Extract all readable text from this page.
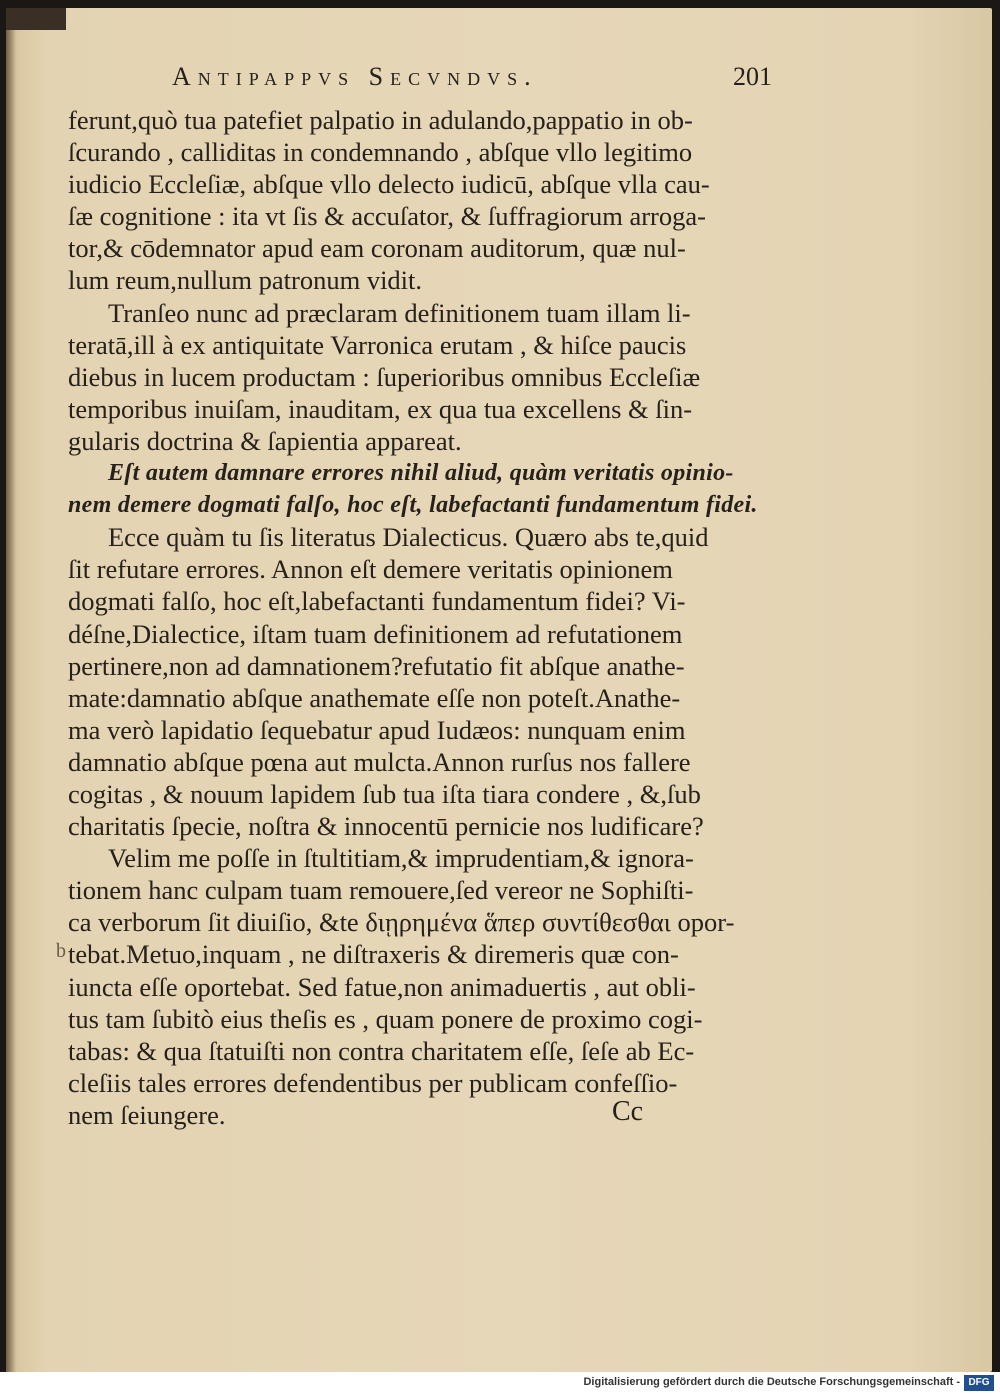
Antipappvs Secvndvs.	201
ferunt,quò tua patefiet palpatio in adulando,pappatio in ob-
ſcurando , calliditas in condemnando , abſque vllo legitimo
iudicio Eccleſiæ, abſque vllo delecto iudicū, abſque vlla cau-
ſæ cognitione : ita vt ſis & accuſator, & ſuffragiorum arroga-
tor,& cōdemnator apud eam coronam auditorum, quæ nul-
lum reum,nullum patronum vidit.
Tranſeo nunc ad præclaram definitionem tuam illam li-
teratā,ill à ex antiquitate Varronica erutam , & hiſce paucis
diebus in lucem productam : ſuperioribus omnibus Eccleſiæ
temporibus inuiſam, inauditam, ex qua tua excellens & ſin-
gularis doctrina & ſapientia appareat.
Eſt autem damnare errores nihil aliud, quàm veritatis opinio-
nem demere dogmati falſo, hoc eſt, labefactanti fundamentum fidei.
Ecce quàm tu ſis literatus Dialecticus. Quæro abs te,quid
ſit refutare errores. Annon eſt demere veritatis opinionem
dogmati falſo, hoc eſt,labefactanti fundamentum fidei? Vi-
déſne,Dialectice, iſtam tuam definitionem ad refutationem
pertinere,non ad damnationem?refutatio fit abſque anathe-
mate:damnatio abſque anathemate eſſe non poteſt.Anathe-
ma verò lapidatio ſequebatur apud Iudæos: nunquam enim
damnatio abſque pœna aut mulcta.Annon rurſus nos fallere
cogitas , & nouum lapidem ſub tua iſta tiara condere , &,ſub
charitatis ſpecie, noſtra & innocentū pernicie nos ludificare?
Velim me poſſe in ſtultitiam,& imprudentiam,& ignora-
tionem hanc culpam tuam remouere,ſed vereor ne Sophiſti-
ca verborum ſit diuiſio, &te διῃρημένα ἅπερ συντίθεσθαι opor-
tebat.Metuo,inquam , ne diſtraxeris & diremeris quæ con-
iuncta eſſe oportebat. Sed fatue,non animaduertis , aut obli-
tus tam ſubitò eius theſis es , quam ponere de proximo cogi-
tabas: & qua ſtatuiſti non contra charitatem eſſe, ſeſe ab Ec-
cleſiis tales errores defendentibus per publicam confeſſio-
nem ſeiungere.
b
Cc
Digitalisierung gefördert durch die Deutsche Forschungsgemeinschaft - DFG
